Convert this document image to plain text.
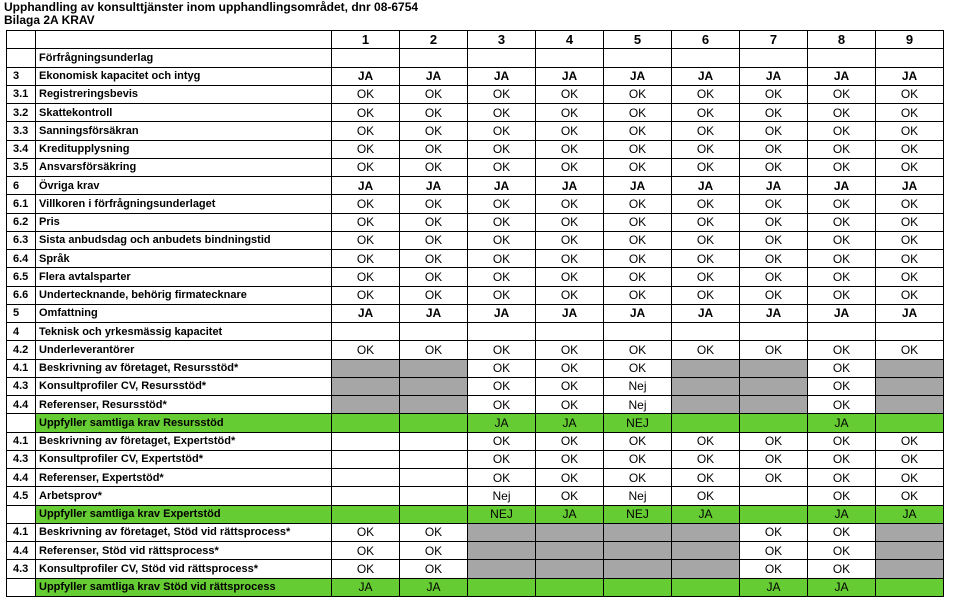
Upphandling av konsulttjänster inom upphandlingsområdet, dnr 08-6754
Bilaga 2A KRAV
		1	2	3	4	5	6	7	8	9
	Förfrågningsunderlag									
3	Ekonomisk kapacitet och intyg	JA	JA	JA	JA	JA	JA	JA	JA	JA
3.1	Registreringsbevis	OK	OK	OK	OK	OK	OK	OK	OK	OK
3.2	Skattekontroll	OK	OK	OK	OK	OK	OK	OK	OK	OK
3.3	Sanningsförsäkran	OK	OK	OK	OK	OK	OK	OK	OK	OK
3.4	Kreditupplysning	OK	OK	OK	OK	OK	OK	OK	OK	OK
3.5	Ansvarsförsäkring	OK	OK	OK	OK	OK	OK	OK	OK	OK
6	Övriga krav	JA	JA	JA	JA	JA	JA	JA	JA	JA
6.1	Villkoren i förfrågningsunderlaget	OK	OK	OK	OK	OK	OK	OK	OK	OK
6.2	Pris	OK	OK	OK	OK	OK	OK	OK	OK	OK
6.3	Sista anbudsdag och anbudets bindningstid	OK	OK	OK	OK	OK	OK	OK	OK	OK
6.4	Språk	OK	OK	OK	OK	OK	OK	OK	OK	OK
6.5	Flera avtalsparter	OK	OK	OK	OK	OK	OK	OK	OK	OK
6.6	Undertecknande, behörig firmatecknare	OK	OK	OK	OK	OK	OK	OK	OK	OK
5	Omfattning	JA	JA	JA	JA	JA	JA	JA	JA	JA
4	Teknisk och yrkesmässig kapacitet									
4.2	Underleverantörer	OK	OK	OK	OK	OK	OK	OK	OK	OK
4.1	Beskrivning av företaget, Resursstöd*			OK	OK	OK			OK	
4.3	Konsultprofiler CV, Resursstöd*			OK	OK	Nej			OK	
4.4	Referenser, Resursstöd*			OK	OK	Nej			OK	
	Uppfyller samtliga krav Resursstöd			JA	JA	NEJ			JA	
4.1	Beskrivning av företaget, Expertstöd*			OK	OK	OK	OK	OK	OK	OK
4.3	Konsultprofiler CV, Expertstöd*			OK	OK	OK	OK	OK	OK	OK
4.4	Referenser, Expertstöd*			OK	OK	OK	OK	OK	OK	OK
4.5	Arbetsprov*			Nej	OK	Nej	OK		OK	OK
	Uppfyller samtliga krav Expertstöd			NEJ	JA	NEJ	JA		JA	JA
4.1	Beskrivning av företaget, Stöd vid rättsprocess*	OK	OK					OK	OK	
4.4	Referenser, Stöd vid rättsprocess*	OK	OK					OK	OK	
4.3	Konsultprofiler CV, Stöd vid rättsprocess*	OK	OK					OK	OK	
	Uppfyller samtliga krav Stöd vid rättsprocess	JA	JA					JA	JA	
